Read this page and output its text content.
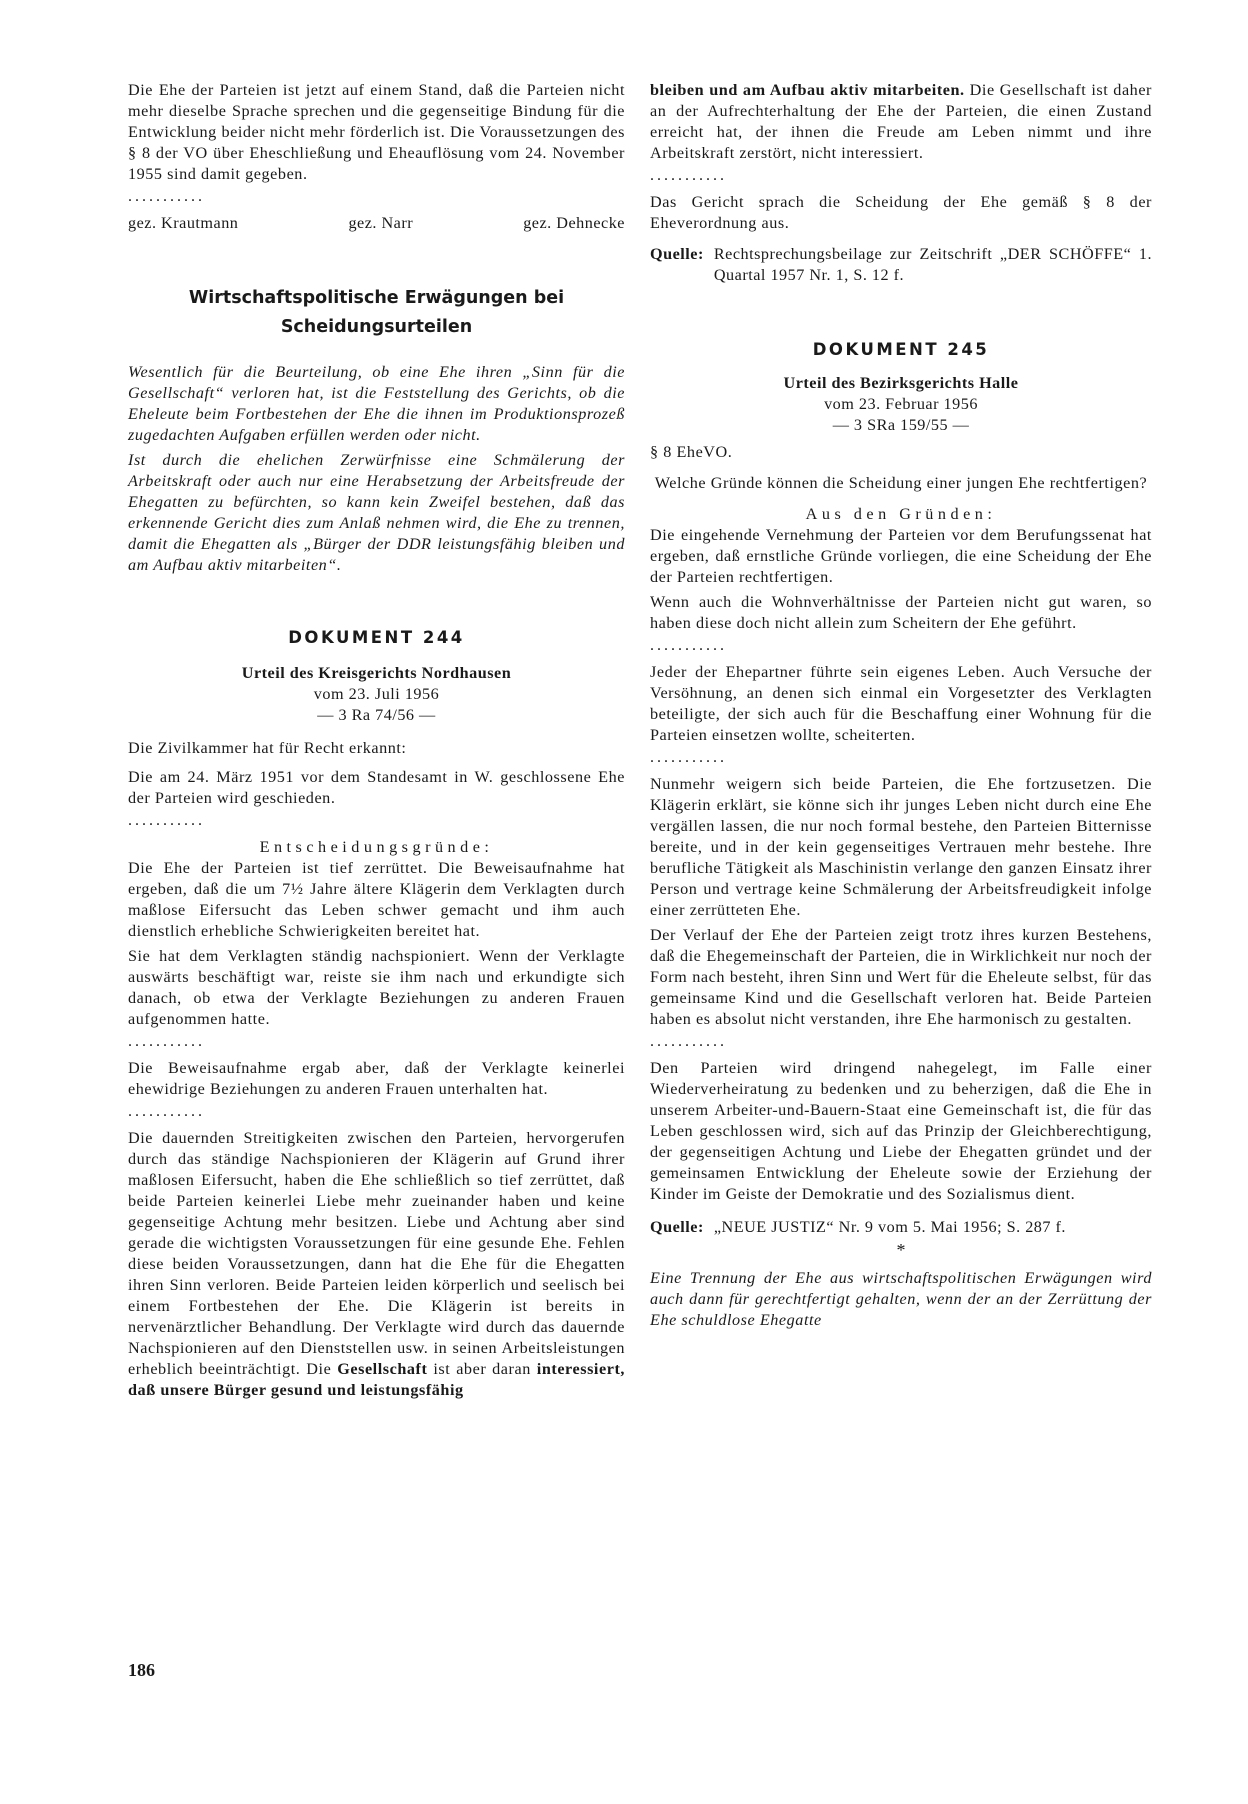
Die Ehe der Parteien ist jetzt auf einem Stand, daß die Parteien nicht mehr dieselbe Sprache sprechen und die gegenseitige Bindung für die Entwicklung beider nicht mehr förderlich ist. Die Voraussetzungen des § 8 der VO über Eheschließung und Eheauflösung vom 24. November 1955 sind damit gegeben.

...........
gez. Krautmann	gez. Narr	gez. Dehnecke
Wirtschaftspolitische Erwägungen bei
Scheidungsurteilen

Wesentlich für die Beurteilung, ob eine Ehe ihren „Sinn für die Gesellschaft“ verloren hat, ist die Feststellung des Gerichts, ob die Eheleute beim Fortbestehen der Ehe die ihnen im Produktionsprozeß zugedachten Aufgaben erfüllen werden oder nicht.

Ist durch die ehelichen Zerwürfnisse eine Schmälerung der Arbeitskraft oder auch nur eine Herabsetzung der Arbeitsfreude der Ehegatten zu befürchten, so kann kein Zweifel bestehen, daß das erkennende Gericht dies zum Anlaß nehmen wird, die Ehe zu trennen, damit die Ehegatten als „Bürger der DDR leistungsfähig bleiben und am Aufbau aktiv mitarbeiten“.

DOKUMENT 244
Urteil des Kreisgerichts Nordhausen
vom 23. Juli 1956
— 3 Ra 74/56 —

Die Zivilkammer hat für Recht erkannt:

Die am 24. März 1951 vor dem Standesamt in W. geschlossene Ehe der Parteien wird geschieden.

...........
Entscheidungsgründe:

Die Ehe der Parteien ist tief zerrüttet. Die Beweisaufnahme hat ergeben, daß die um 7½ Jahre ältere Klägerin dem Verklagten durch maßlose Eifersucht das Leben schwer gemacht und ihm auch dienstlich erhebliche Schwierigkeiten bereitet hat.

Sie hat dem Verklagten ständig nachspioniert. Wenn der Verklagte auswärts beschäftigt war, reiste sie ihm nach und erkundigte sich danach, ob etwa der Verklagte Beziehungen zu anderen Frauen aufgenommen hatte.

...........

Die Beweisaufnahme ergab aber, daß der Verklagte keinerlei ehewidrige Beziehungen zu anderen Frauen unterhalten hat.

...........

Die dauernden Streitigkeiten zwischen den Parteien, hervorgerufen durch das ständige Nachspionieren der Klägerin auf Grund ihrer maßlosen Eifersucht, haben die Ehe schließlich so tief zerrüttet, daß beide Parteien keinerlei Liebe mehr zueinander haben und keine gegenseitige Achtung mehr besitzen. Liebe und Achtung aber sind gerade die wichtigsten Voraussetzungen für eine gesunde Ehe. Fehlen diese beiden Voraussetzungen, dann hat die Ehe für die Ehegatten ihren Sinn verloren. Beide Parteien leiden körperlich und seelisch bei einem Fortbestehen der Ehe. Die Klägerin ist bereits in nervenärztlicher Behandlung. Der Verklagte wird durch das dauernde Nachspionieren auf den Dienststellen usw. in seinen Arbeitsleistungen erheblich beeinträchtigt. Die Gesellschaft ist aber daran interessiert, daß unsere Bürger gesund und leistungsfähig

bleiben und am Aufbau aktiv mitarbeiten. Die Gesellschaft ist daher an der Aufrechterhaltung der Ehe der Parteien, die einen Zustand erreicht hat, der ihnen die Freude am Leben nimmt und ihre Arbeitskraft zerstört, nicht interessiert.

...........

Das Gericht sprach die Scheidung der Ehe gemäß § 8 der Eheverordnung aus.

Quelle: Rechtsprechungsbeilage zur Zeitschrift „DER SCHÖFFE“ 1. Quartal 1957 Nr. 1, S. 12 f.
DOKUMENT 245
Urteil des Bezirksgerichts Halle
vom 23. Februar 1956
— 3 SRa 159/55 —

§ 8 EheVO.

Welche Gründe können die Scheidung einer jungen Ehe rechtfertigen?

Aus den Gründen:

Die eingehende Vernehmung der Parteien vor dem Berufungssenat hat ergeben, daß ernstliche Gründe vorliegen, die eine Scheidung der Ehe der Parteien rechtfertigen.

Wenn auch die Wohnverhältnisse der Parteien nicht gut waren, so haben diese doch nicht allein zum Scheitern der Ehe geführt.

...........

Jeder der Ehepartner führte sein eigenes Leben. Auch Versuche der Versöhnung, an denen sich einmal ein Vorgesetzter des Verklagten beteiligte, der sich auch für die Beschaffung einer Wohnung für die Parteien einsetzen wollte, scheiterten.

...........

Nunmehr weigern sich beide Parteien, die Ehe fortzusetzen. Die Klägerin erklärt, sie könne sich ihr junges Leben nicht durch eine Ehe vergällen lassen, die nur noch formal bestehe, den Parteien Bitternisse bereite, und in der kein gegenseitiges Vertrauen mehr bestehe. Ihre berufliche Tätigkeit als Maschinistin verlange den ganzen Einsatz ihrer Person und vertrage keine Schmälerung der Arbeitsfreudigkeit infolge einer zerrütteten Ehe.

Der Verlauf der Ehe der Parteien zeigt trotz ihres kurzen Bestehens, daß die Ehegemeinschaft der Parteien, die in Wirklichkeit nur noch der Form nach besteht, ihren Sinn und Wert für die Eheleute selbst, für das gemeinsame Kind und die Gesellschaft verloren hat. Beide Parteien haben es absolut nicht verstanden, ihre Ehe harmonisch zu gestalten.

...........

Den Parteien wird dringend nahegelegt, im Falle einer Wiederverheiratung zu bedenken und zu beherzigen, daß die Ehe in unserem Arbeiter-und-Bauern-Staat eine Gemeinschaft ist, die für das Leben geschlossen wird, sich auf das Prinzip der Gleichberechtigung, der gegenseitigen Achtung und Liebe der Ehegatten gründet und der gemeinsamen Entwicklung der Eheleute sowie der Erziehung der Kinder im Geiste der Demokratie und des Sozialismus dient.

Quelle: „NEUE JUSTIZ“ Nr. 9 vom 5. Mai 1956; S. 287 f.
*

Eine Trennung der Ehe aus wirtschaftspolitischen Erwägungen wird auch dann für gerechtfertigt gehalten, wenn der an der Zerrüttung der Ehe schuldlose Ehegatte

186
